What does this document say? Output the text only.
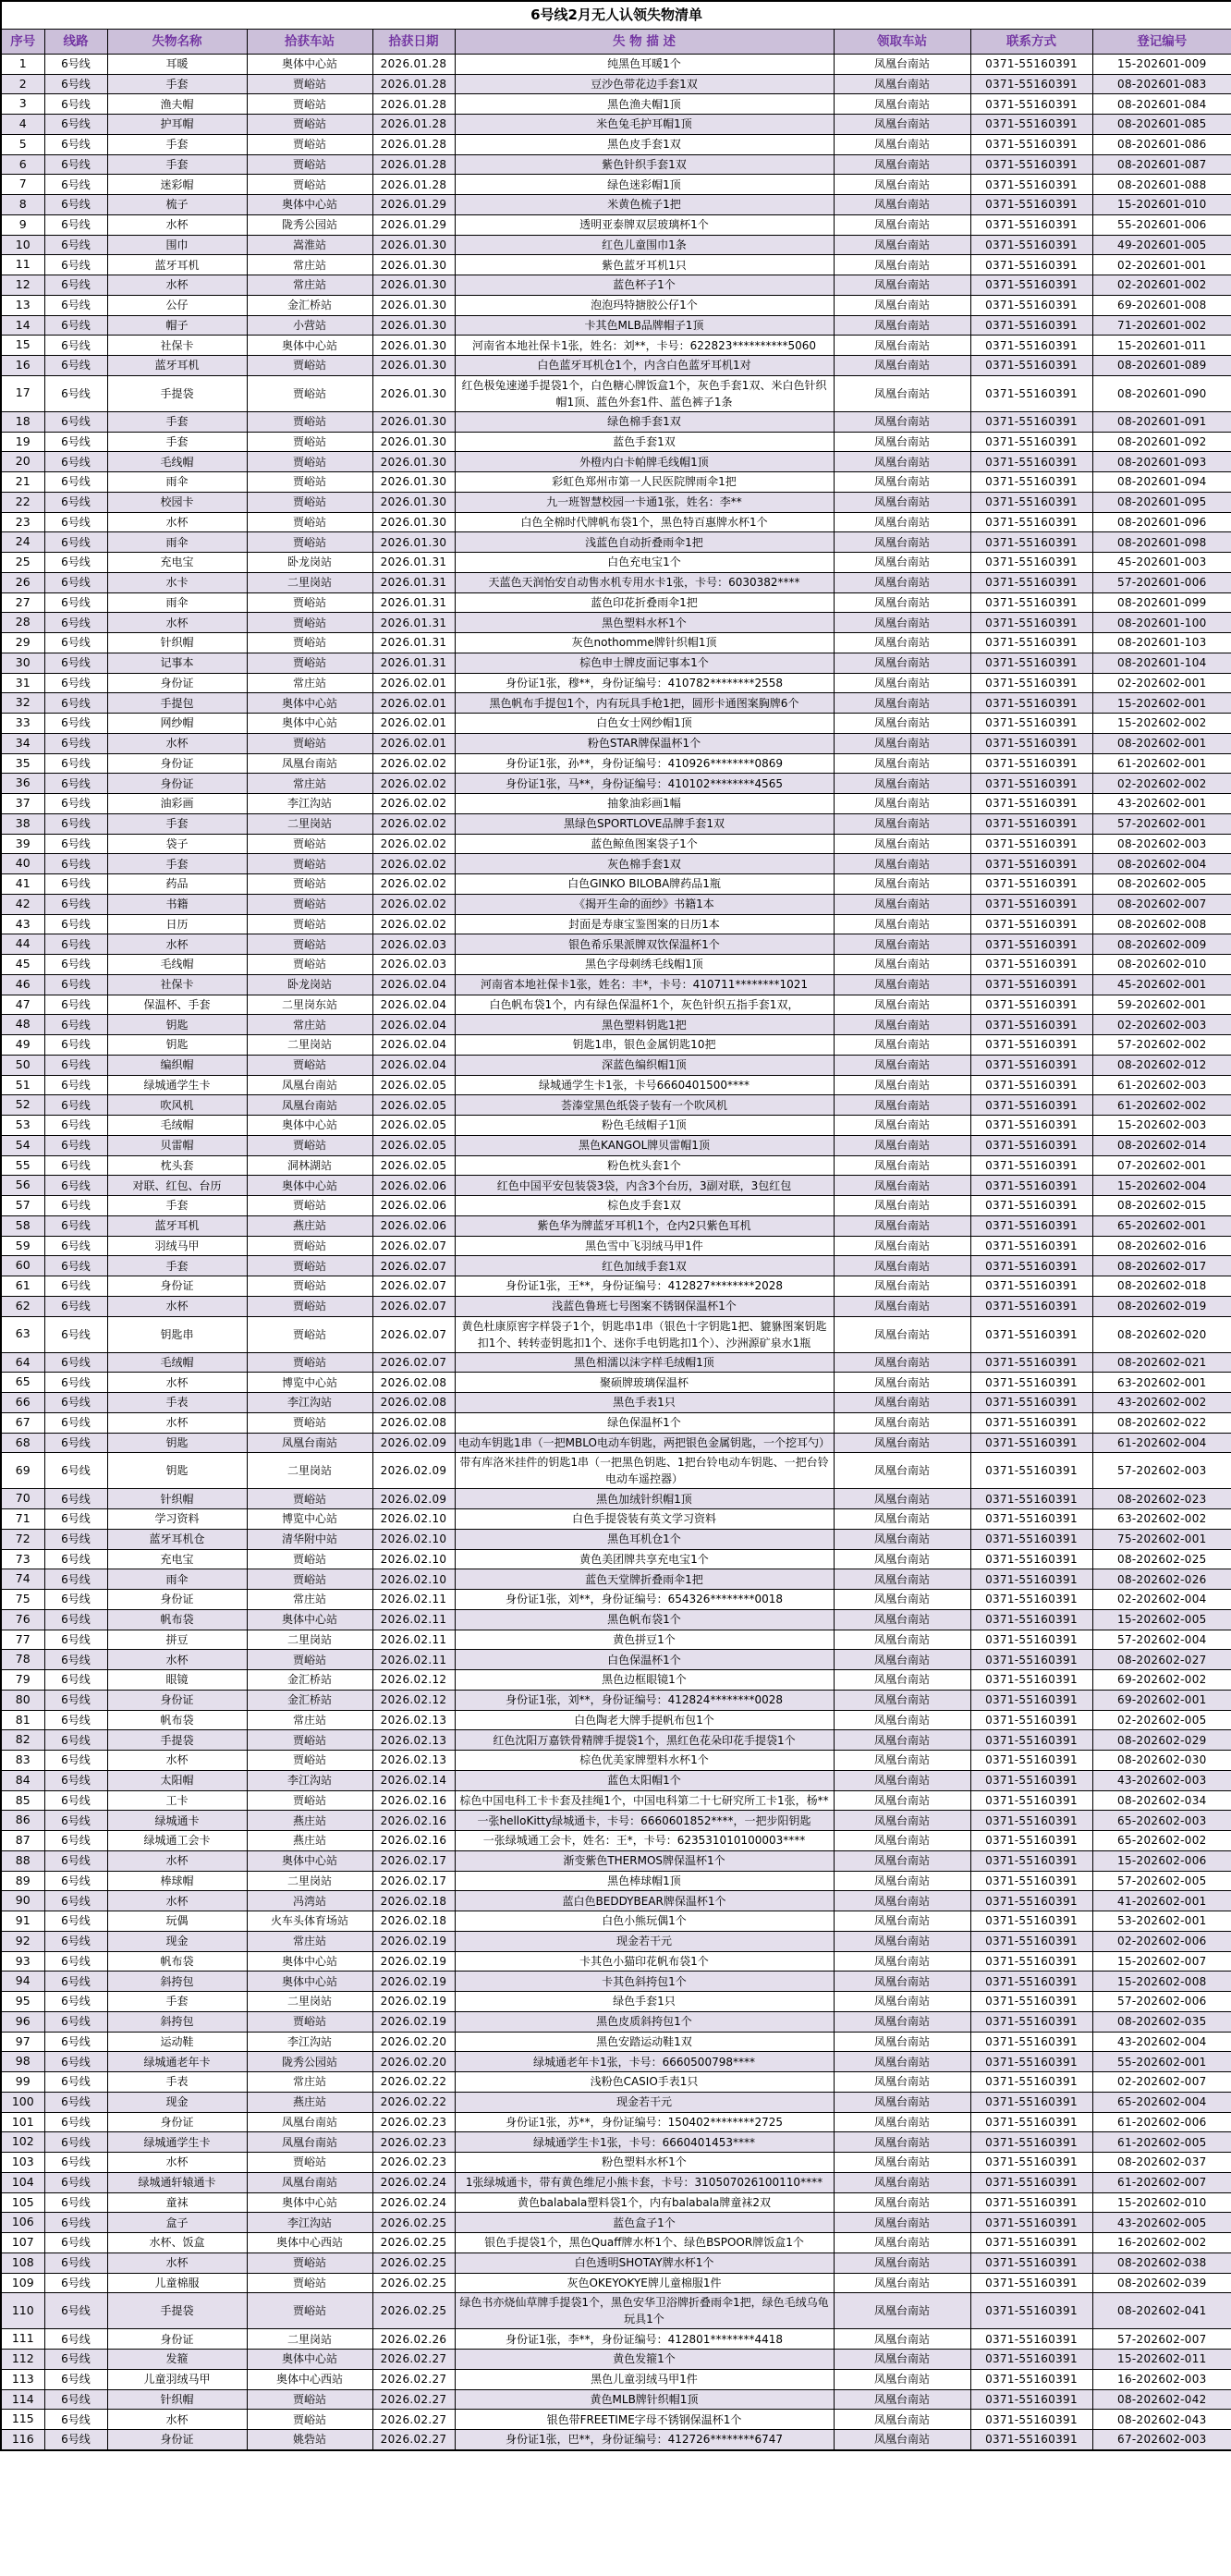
6号线2月无人认领失物清单								
序号	线路	失物名称	拾获车站	拾获日期	失 物 描 述	领取车站	联系方式	登记编号
1	6号线	耳暖	奥体中心站	2026.01.28	纯黑色耳暖1个	凤凰台南站	0371-55160391	15-202601-009
2	6号线	手套	贾峪站	2026.01.28	豆沙色带花边手套1双	凤凰台南站	0371-55160391	08-202601-083
3	6号线	渔夫帽	贾峪站	2026.01.28	黑色渔夫帽1顶	凤凰台南站	0371-55160391	08-202601-084
4	6号线	护耳帽	贾峪站	2026.01.28	米色兔毛护耳帽1顶	凤凰台南站	0371-55160391	08-202601-085
5	6号线	手套	贾峪站	2026.01.28	黑色皮手套1双	凤凰台南站	0371-55160391	08-202601-086
6	6号线	手套	贾峪站	2026.01.28	紫色针织手套1双	凤凰台南站	0371-55160391	08-202601-087
7	6号线	迷彩帽	贾峪站	2026.01.28	绿色迷彩帽1顶	凤凰台南站	0371-55160391	08-202601-088
8	6号线	梳子	奥体中心站	2026.01.29	米黄色梳子1把	凤凰台南站	0371-55160391	15-202601-010
9	6号线	水杯	陇秀公园站	2026.01.29	透明亚泰牌双层玻璃杯1个	凤凰台南站	0371-55160391	55-202601-006
10	6号线	围巾	嵩淮站	2026.01.30	红色儿童围巾1条	凤凰台南站	0371-55160391	49-202601-005
11	6号线	蓝牙耳机	常庄站	2026.01.30	紫色蓝牙耳机1只	凤凰台南站	0371-55160391	02-202601-001
12	6号线	水杯	常庄站	2026.01.30	蓝色杯子1个	凤凰台南站	0371-55160391	02-202601-002
13	6号线	公仔	金汇桥站	2026.01.30	泡泡玛特搪胶公仔1个	凤凰台南站	0371-55160391	69-202601-008
14	6号线	帽子	小营站	2026.01.30	卡其色MLB品牌帽子1顶	凤凰台南站	0371-55160391	71-202601-002
15	6号线	社保卡	奥体中心站	2026.01.30	河南省本地社保卡1张，姓名：刘**，卡号：622823**********5060	凤凰台南站	0371-55160391	15-202601-011
16	6号线	蓝牙耳机	贾峪站	2026.01.30	白色蓝牙耳机仓1个，内含白色蓝牙耳机1对	凤凰台南站	0371-55160391	08-202601-089
17	6号线	手提袋	贾峪站	2026.01.30	红色极兔速递手提袋1个，白色糖心牌饭盒1个，灰色手套1双、米白色针织帽1顶、蓝色外套1件、蓝色裤子1条	凤凰台南站	0371-55160391	08-202601-090
18	6号线	手套	贾峪站	2026.01.30	绿色棉手套1双	凤凰台南站	0371-55160391	08-202601-091
19	6号线	手套	贾峪站	2026.01.30	蓝色手套1双	凤凰台南站	0371-55160391	08-202601-092
20	6号线	毛线帽	贾峪站	2026.01.30	外橙内白卡帕牌毛线帽1顶	凤凰台南站	0371-55160391	08-202601-093
21	6号线	雨伞	贾峪站	2026.01.30	彩虹色郑州市第一人民医院牌雨伞1把	凤凰台南站	0371-55160391	08-202601-094
22	6号线	校园卡	贾峪站	2026.01.30	九一班智慧校园一卡通1张，姓名：李**	凤凰台南站	0371-55160391	08-202601-095
23	6号线	水杯	贾峪站	2026.01.30	白色全棉时代牌帆布袋1个，黑色特百惠牌水杯1个	凤凰台南站	0371-55160391	08-202601-096
24	6号线	雨伞	贾峪站	2026.01.30	浅蓝色自动折叠雨伞1把	凤凰台南站	0371-55160391	08-202601-098
25	6号线	充电宝	卧龙岗站	2026.01.31	白色充电宝1个	凤凰台南站	0371-55160391	45-202601-003
26	6号线	水卡	二里岗站	2026.01.31	天蓝色天润怡安自动售水机专用水卡1张，卡号：6030382****	凤凰台南站	0371-55160391	57-202601-006
27	6号线	雨伞	贾峪站	2026.01.31	蓝色印花折叠雨伞1把	凤凰台南站	0371-55160391	08-202601-099
28	6号线	水杯	贾峪站	2026.01.31	黑色塑料水杯1个	凤凰台南站	0371-55160391	08-202601-100
29	6号线	针织帽	贾峪站	2026.01.31	灰色nothomme牌针织帽1顶	凤凰台南站	0371-55160391	08-202601-103
30	6号线	记事本	贾峪站	2026.01.31	棕色申士牌皮面记事本1个	凤凰台南站	0371-55160391	08-202601-104
31	6号线	身份证	常庄站	2026.02.01	身份证1张，穆**，身份证编号：410782********2558	凤凰台南站	0371-55160391	02-202602-001
32	6号线	手提包	奥体中心站	2026.02.01	黑色帆布手提包1个，内有玩具手枪1把，圆形卡通图案胸牌6个	凤凰台南站	0371-55160391	15-202602-001
33	6号线	网纱帽	奥体中心站	2026.02.01	白色女士网纱帽1顶	凤凰台南站	0371-55160391	15-202602-002
34	6号线	水杯	贾峪站	2026.02.01	粉色STAR牌保温杯1个	凤凰台南站	0371-55160391	08-202602-001
35	6号线	身份证	凤凰台南站	2026.02.02	身份证1张，孙**，身份证编号：410926********0869	凤凰台南站	0371-55160391	61-202602-001
36	6号线	身份证	常庄站	2026.02.02	身份证1张，马**，身份证编号：410102********4565	凤凰台南站	0371-55160391	02-202602-002
37	6号线	油彩画	李江沟站	2026.02.02	抽象油彩画1幅	凤凰台南站	0371-55160391	43-202602-001
38	6号线	手套	二里岗站	2026.02.02	黑绿色SPORTLOVE品牌手套1双	凤凰台南站	0371-55160391	57-202602-001
39	6号线	袋子	贾峪站	2026.02.02	蓝色鲸鱼图案袋子1个	凤凰台南站	0371-55160391	08-202602-003
40	6号线	手套	贾峪站	2026.02.02	灰色棉手套1双	凤凰台南站	0371-55160391	08-202602-004
41	6号线	药品	贾峪站	2026.02.02	白色GINKO BILOBA牌药品1瓶	凤凰台南站	0371-55160391	08-202602-005
42	6号线	书籍	贾峪站	2026.02.02	《揭开生命的面纱》书籍1本	凤凰台南站	0371-55160391	08-202602-007
43	6号线	日历	贾峪站	2026.02.02	封面是寿康宝鉴图案的日历1本	凤凰台南站	0371-55160391	08-202602-008
44	6号线	水杯	贾峪站	2026.02.03	银色希乐果派牌双饮保温杯1个	凤凰台南站	0371-55160391	08-202602-009
45	6号线	毛线帽	贾峪站	2026.02.03	黑色字母刺绣毛线帽1顶	凤凰台南站	0371-55160391	08-202602-010
46	6号线	社保卡	卧龙岗站	2026.02.04	河南省本地社保卡1张，姓名：丰*，卡号：410711********1021	凤凰台南站	0371-55160391	45-202602-001
47	6号线	保温杯、手套	二里岗东站	2026.02.04	白色帆布袋1个，内有绿色保温杯1个，灰色针织五指手套1双，	凤凰台南站	0371-55160391	59-202602-001
48	6号线	钥匙	常庄站	2026.02.04	黑色塑料钥匙1把	凤凰台南站	0371-55160391	02-202602-003
49	6号线	钥匙	二里岗站	2026.02.04	钥匙1串，银色金属钥匙10把	凤凰台南站	0371-55160391	57-202602-002
50	6号线	编织帽	贾峪站	2026.02.04	深蓝色编织帽1顶	凤凰台南站	0371-55160391	08-202602-012
51	6号线	绿城通学生卡	凤凰台南站	2026.02.05	绿城通学生卡1张，卡号6660401500****	凤凰台南站	0371-55160391	61-202602-003
52	6号线	吹风机	凤凰台南站	2026.02.05	荟溱堂黑色纸袋子装有一个吹风机	凤凰台南站	0371-55160391	61-202602-002
53	6号线	毛绒帽	奥体中心站	2026.02.05	粉色毛绒帽子1顶	凤凰台南站	0371-55160391	15-202602-003
54	6号线	贝雷帽	贾峪站	2026.02.05	黑色KANGOL牌贝雷帽1顶	凤凰台南站	0371-55160391	08-202602-014
55	6号线	枕头套	洞林湖站	2026.02.05	粉色枕头套1个	凤凰台南站	0371-55160391	07-202602-001
56	6号线	对联、红包、台历	奥体中心站	2026.02.06	红色中国平安包装袋3袋，内含3个台历，3副对联，3包红包	凤凰台南站	0371-55160391	15-202602-004
57	6号线	手套	贾峪站	2026.02.06	棕色皮手套1双	凤凰台南站	0371-55160391	08-202602-015
58	6号线	蓝牙耳机	燕庄站	2026.02.06	紫色华为牌蓝牙耳机1个，仓内2只紫色耳机	凤凰台南站	0371-55160391	65-202602-001
59	6号线	羽绒马甲	贾峪站	2026.02.07	黑色雪中飞羽绒马甲1件	凤凰台南站	0371-55160391	08-202602-016
60	6号线	手套	贾峪站	2026.02.07	红色加绒手套1双	凤凰台南站	0371-55160391	08-202602-017
61	6号线	身份证	贾峪站	2026.02.07	身份证1张，王**，身份证编号：412827********2028	凤凰台南站	0371-55160391	08-202602-018
62	6号线	水杯	贾峪站	2026.02.07	浅蓝色鲁班七号图案不锈钢保温杯1个	凤凰台南站	0371-55160391	08-202602-019
63	6号线	钥匙串	贾峪站	2026.02.07	黄色杜康原窖字样袋子1个，钥匙串1串（银色十字钥匙1把、貔貅图案钥匙扣1个、转转壶钥匙扣1个、迷你手电钥匙扣1个）、沙洲源矿泉水1瓶	凤凰台南站	0371-55160391	08-202602-020
64	6号线	毛绒帽	贾峪站	2026.02.07	黑色相濡以沫字样毛绒帽1顶	凤凰台南站	0371-55160391	08-202602-021
65	6号线	水杯	博览中心站	2026.02.08	聚硕牌玻璃保温杯	凤凰台南站	0371-55160391	63-202602-001
66	6号线	手表	李江沟站	2026.02.08	黑色手表1只	凤凰台南站	0371-55160391	43-202602-002
67	6号线	水杯	贾峪站	2026.02.08	绿色保温杯1个	凤凰台南站	0371-55160391	08-202602-022
68	6号线	钥匙	凤凰台南站	2026.02.09	电动车钥匙1串（一把MBLO电动车钥匙，两把银色金属钥匙，一个挖耳勺）	凤凰台南站	0371-55160391	61-202602-004
69	6号线	钥匙	二里岗站	2026.02.09	带有库洛米挂件的钥匙1串（一把黑色钥匙、1把台铃电动车钥匙、一把台铃电动车遥控器）	凤凰台南站	0371-55160391	57-202602-003
70	6号线	针织帽	贾峪站	2026.02.09	黑色加绒针织帽1顶	凤凰台南站	0371-55160391	08-202602-023
71	6号线	学习资料	博览中心站	2026.02.10	白色手提袋装有英文学习资料	凤凰台南站	0371-55160391	63-202602-002
72	6号线	蓝牙耳机仓	清华附中站	2026.02.10	黑色耳机仓1个	凤凰台南站	0371-55160391	75-202602-001
73	6号线	充电宝	贾峪站	2026.02.10	黄色美团牌共享充电宝1个	凤凰台南站	0371-55160391	08-202602-025
74	6号线	雨伞	贾峪站	2026.02.10	蓝色天堂牌折叠雨伞1把	凤凰台南站	0371-55160391	08-202602-026
75	6号线	身份证	常庄站	2026.02.11	身份证1张，刘**，身份证编号：654326********0018	凤凰台南站	0371-55160391	02-202602-004
76	6号线	帆布袋	奥体中心站	2026.02.11	黑色帆布袋1个	凤凰台南站	0371-55160391	15-202602-005
77	6号线	拼豆	二里岗站	2026.02.11	黄色拼豆1个	凤凰台南站	0371-55160391	57-202602-004
78	6号线	水杯	贾峪站	2026.02.11	白色保温杯1个	凤凰台南站	0371-55160391	08-202602-027
79	6号线	眼镜	金汇桥站	2026.02.12	黑色边框眼镜1个	凤凰台南站	0371-55160391	69-202602-002
80	6号线	身份证	金汇桥站	2026.02.12	身份证1张，刘**，身份证编号：412824********0028	凤凰台南站	0371-55160391	69-202602-001
81	6号线	帆布袋	常庄站	2026.02.13	白色陶老大牌手提帆布包1个	凤凰台南站	0371-55160391	02-202602-005
82	6号线	手提袋	贾峪站	2026.02.13	红色沈阳万嘉铁骨精牌手提袋1个，黑红色花朵印花手提袋1个	凤凰台南站	0371-55160391	08-202602-029
83	6号线	水杯	贾峪站	2026.02.13	棕色优美家牌塑料水杯1个	凤凰台南站	0371-55160391	08-202602-030
84	6号线	太阳帽	李江沟站	2026.02.14	蓝色太阳帽1个	凤凰台南站	0371-55160391	43-202602-003
85	6号线	工卡	贾峪站	2026.02.16	棕色中国电科工卡卡套及挂绳1个，中国电科第二十七研究所工卡1张，杨**	凤凰台南站	0371-55160391	08-202602-034
86	6号线	绿城通卡	燕庄站	2026.02.16	一张helloKitty绿城通卡，卡号：6660601852****，一把步阳钥匙	凤凰台南站	0371-55160391	65-202602-003
87	6号线	绿城通工会卡	燕庄站	2026.02.16	一张绿城通工会卡，姓名：王*，卡号：623531010100003****	凤凰台南站	0371-55160391	65-202602-002
88	6号线	水杯	奥体中心站	2026.02.17	渐变紫色THERMOS牌保温杯1个	凤凰台南站	0371-55160391	15-202602-006
89	6号线	棒球帽	二里岗站	2026.02.17	黑色棒球帽1顶	凤凰台南站	0371-55160391	57-202602-005
90	6号线	水杯	冯湾站	2026.02.18	蓝白色BEDDYBEAR牌保温杯1个	凤凰台南站	0371-55160391	41-202602-001
91	6号线	玩偶	火车头体育场站	2026.02.18	白色小熊玩偶1个	凤凰台南站	0371-55160391	53-202602-001
92	6号线	现金	常庄站	2026.02.19	现金若干元	凤凰台南站	0371-55160391	02-202602-006
93	6号线	帆布袋	奥体中心站	2026.02.19	卡其色小猫印花帆布袋1个	凤凰台南站	0371-55160391	15-202602-007
94	6号线	斜挎包	奥体中心站	2026.02.19	卡其色斜挎包1个	凤凰台南站	0371-55160391	15-202602-008
95	6号线	手套	二里岗站	2026.02.19	绿色手套1只	凤凰台南站	0371-55160391	57-202602-006
96	6号线	斜挎包	贾峪站	2026.02.19	黑色皮质斜挎包1个	凤凰台南站	0371-55160391	08-202602-035
97	6号线	运动鞋	李江沟站	2026.02.20	黑色安踏运动鞋1双	凤凰台南站	0371-55160391	43-202602-004
98	6号线	绿城通老年卡	陇秀公园站	2026.02.20	绿城通老年卡1张，卡号：6660500798****	凤凰台南站	0371-55160391	55-202602-001
99	6号线	手表	常庄站	2026.02.22	浅粉色CASIO手表1只	凤凰台南站	0371-55160391	02-202602-007
100	6号线	现金	燕庄站	2026.02.22	现金若干元	凤凰台南站	0371-55160391	65-202602-004
101	6号线	身份证	凤凰台南站	2026.02.23	身份证1张，苏**，身份证编号：150402********2725	凤凰台南站	0371-55160391	61-202602-006
102	6号线	绿城通学生卡	凤凰台南站	2026.02.23	绿城通学生卡1张，卡号：6660401453****	凤凰台南站	0371-55160391	61-202602-005
103	6号线	水杯	贾峪站	2026.02.23	粉色塑料水杯1个	凤凰台南站	0371-55160391	08-202602-037
104	6号线	绿城通轩辕通卡	凤凰台南站	2026.02.24	1张绿城通卡，带有黄色维尼小熊卡套，卡号：310507026100110****	凤凰台南站	0371-55160391	61-202602-007
105	6号线	童袜	奥体中心站	2026.02.24	黄色balabala塑料袋1个，内有balabala牌童袜2双	凤凰台南站	0371-55160391	15-202602-010
106	6号线	盒子	李江沟站	2026.02.25	蓝色盒子1个	凤凰台南站	0371-55160391	43-202602-005
107	6号线	水杯、饭盒	奥体中心西站	2026.02.25	银色手提袋1个，黑色Quaff牌水杯1个、绿色BSPOOR牌饭盒1个	凤凰台南站	0371-55160391	16-202602-002
108	6号线	水杯	贾峪站	2026.02.25	白色透明SHOTAY牌水杯1个	凤凰台南站	0371-55160391	08-202602-038
109	6号线	儿童棉服	贾峪站	2026.02.25	灰色OKEYOKYE牌儿童棉服1件	凤凰台南站	0371-55160391	08-202602-039
110	6号线	手提袋	贾峪站	2026.02.25	绿色书亦烧仙草牌手提袋1个，黑色安华卫浴牌折叠雨伞1把，绿色毛绒乌龟玩具1个	凤凰台南站	0371-55160391	08-202602-041
111	6号线	身份证	二里岗站	2026.02.26	身份证1张，李**，身份证编号：412801********4418	凤凰台南站	0371-55160391	57-202602-007
112	6号线	发箍	奥体中心站	2026.02.27	黄色发箍1个	凤凰台南站	0371-55160391	15-202602-011
113	6号线	儿童羽绒马甲	奥体中心西站	2026.02.27	黑色儿童羽绒马甲1件	凤凰台南站	0371-55160391	16-202602-003
114	6号线	针织帽	贾峪站	2026.02.27	黄色MLB牌针织帽1顶	凤凰台南站	0371-55160391	08-202602-042
115	6号线	水杯	贾峪站	2026.02.27	银色带FREETIME字母不锈钢保温杯1个	凤凰台南站	0371-55160391	08-202602-043
116	6号线	身份证	姚砦站	2026.02.27	身份证1张，巴**，身份证编号：412726********6747	凤凰台南站	0371-55160391	67-202602-003
